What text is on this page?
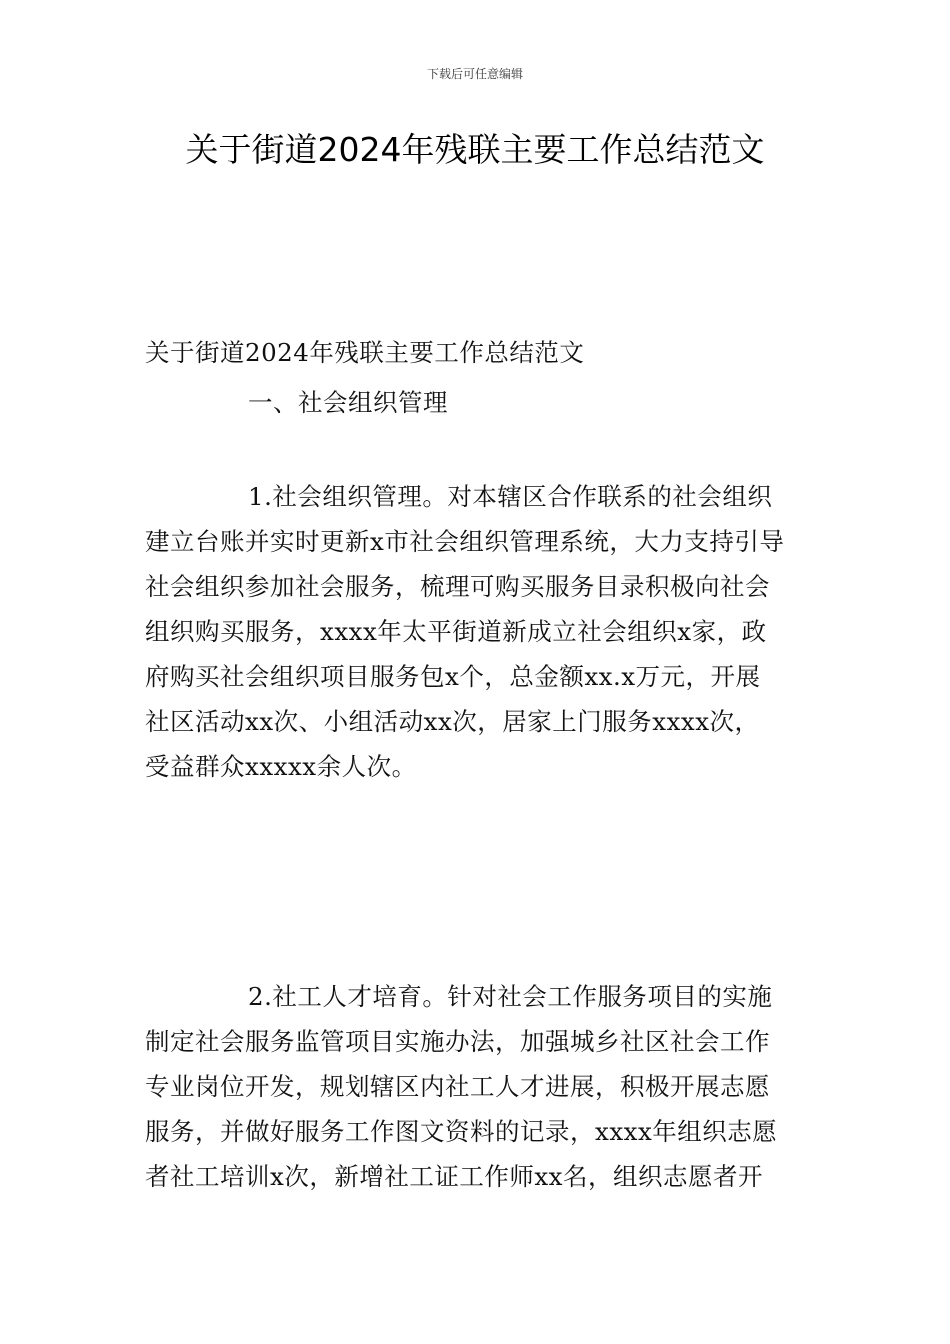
下载后可任意编辑
关于街道2024年残联主要工作总结范文

关于街道2024年残联主要工作总结范文

一、社会组织管理

1.社会组织管理。对本辖区合作联系的社会组织
建立台账并实时更新x市社会组织管理系统，大力支持引导
社会组织参加社会服务，梳理可购买服务目录积极向社会
组织购买服务，xxxx年太平街道新成立社会组织x家，政
府购买社会组织项目服务包x个，总金额xx.x万元，开展
社区活动xx次、小组活动xx次，居家上门服务xxxx次，
受益群众xxxxx余人次。
2.社工人才培育。针对社会工作服务项目的实施
制定社会服务监管项目实施办法，加强城乡社区社会工作
专业岗位开发，规划辖区内社工人才进展，积极开展志愿
服务，并做好服务工作图文资料的记录，xxxx年组织志愿
者社工培训x次，新增社工证工作师xx名，组织志愿者开
